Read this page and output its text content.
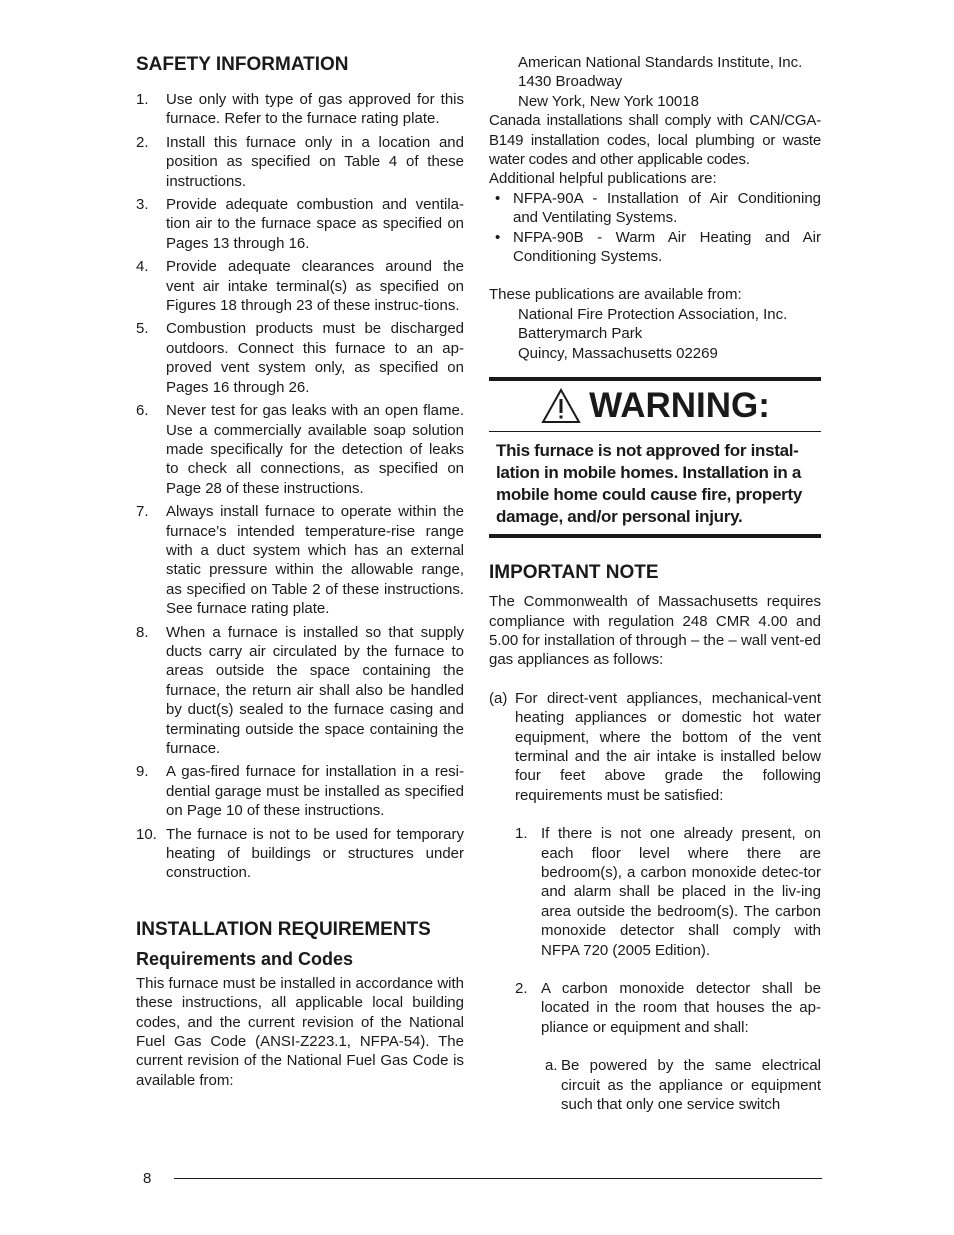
SAFETY INFORMATION
1. Use only with type of gas approved for this furnace. Refer to the furnace rating plate.
2. Install this furnace only in a location and position as specified on Table 4 of these instructions.
3. Provide adequate combustion and ventila-tion air to the furnace space as specified on Pages 13 through 16.
4. Provide adequate clearances around the vent air intake terminal(s) as specified on Figures 18 through 23 of these instruc-tions.
5. Combustion products must be discharged outdoors. Connect this furnace to an ap-proved vent system only, as specified on Pages 16 through 26.
6. Never test for gas leaks with an open flame. Use a commercially available soap solution made specifically for the detection of leaks to check all connections, as specified on Page 28 of these instructions.
7. Always install furnace to operate within the furnace’s intended temperature-rise range with a duct system which has an external static pressure within the allowable range, as specified on Table 2 of these instructions. See furnace rating plate.
8. When a furnace is installed so that supply ducts carry air circulated by the furnace to areas outside the space containing the furnace, the return air shall also be handled by duct(s) sealed to the furnace casing and terminating outside the space containing the furnace.
9. A gas-fired furnace for installation in a resi-dential garage must be installed as specified on Page 10 of these instructions.
10. The furnace is not to be used for temporary heating of buildings or structures under construction.
INSTALLATION REQUIREMENTS
Requirements and Codes

This furnace must be installed in accordance with these instructions, all applicable local building codes, and the current revision of the National Fuel Gas Code (ANSI-Z223.1, NFPA-54). The current revision of the National Fuel Gas Code is available from:

American National Standards Institute, Inc.
1430 Broadway
New York, New York 10018

Canada installations shall comply with CAN/CGA-B149 installation codes, local plumbing or waste water codes and other applicable codes.

Additional helpful publications are:

• NFPA-90A - Installation of Air Conditioning and Ventilating Systems.
• NFPA-90B - Warm Air Heating and Air Conditioning Systems.

These publications are available from:

National Fire Protection Association, Inc.
Batterymarch Park
Quincy, Massachusetts 02269
WARNING:
This furnace is not approved for instal-lation in mobile homes. Installation in a mobile home could cause fire, property damage, and/or personal injury.
IMPORTANT NOTE

The Commonwealth of Massachusetts requires compliance with regulation 248 CMR 4.00 and 5.00 for installation of through – the – wall vent-ed gas appliances as follows:

(a) For direct-vent appliances, mechanical-vent heating appliances or domestic hot water equipment, where the bottom of the vent terminal and the air intake is installed below four feet above grade the following requirements must be satisfied:
1. If there is not one already present, on each floor level where there are bedroom(s), a carbon monoxide detec-tor and alarm shall be placed in the liv-ing area outside the bedroom(s). The carbon monoxide detector shall comply with NFPA 720 (2005 Edition).
2. A carbon monoxide detector shall be located in the room that houses the ap-pliance or equipment and shall:
a. Be powered by the same electrical circuit as the appliance or equipment such that only one service switch
8
